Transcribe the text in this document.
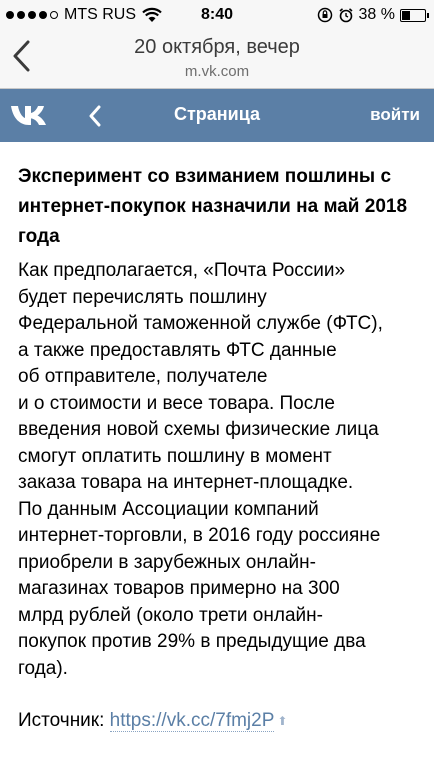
MTS RUS	8:40	38 %
20 октября, вечер
m.vk.com
Страница	войти
Эксперимент со взиманием пошлины с интернет-покупок назначили на май 2018 года
Как предполагается, «Почта России»
будет перечислять пошлину
Федеральной таможенной службе (ФТС),
а также предоставлять ФТС данные
об отправителе, получателе
и о стоимости и весе товара. После
введения новой схемы физические лица
смогут оплатить пошлину в момент
заказа товара на интернет-площадке.
По данным Ассоциации компаний
интернет-торговли, в 2016 году россияне
приобрели в зарубежных онлайн-
магазинах товаров примерно на 300
млрд рублей (около трети онлайн-
покупок против 29% в предыдущие два
года).
Источник: https://vk.cc/7fmj2P ⬆
